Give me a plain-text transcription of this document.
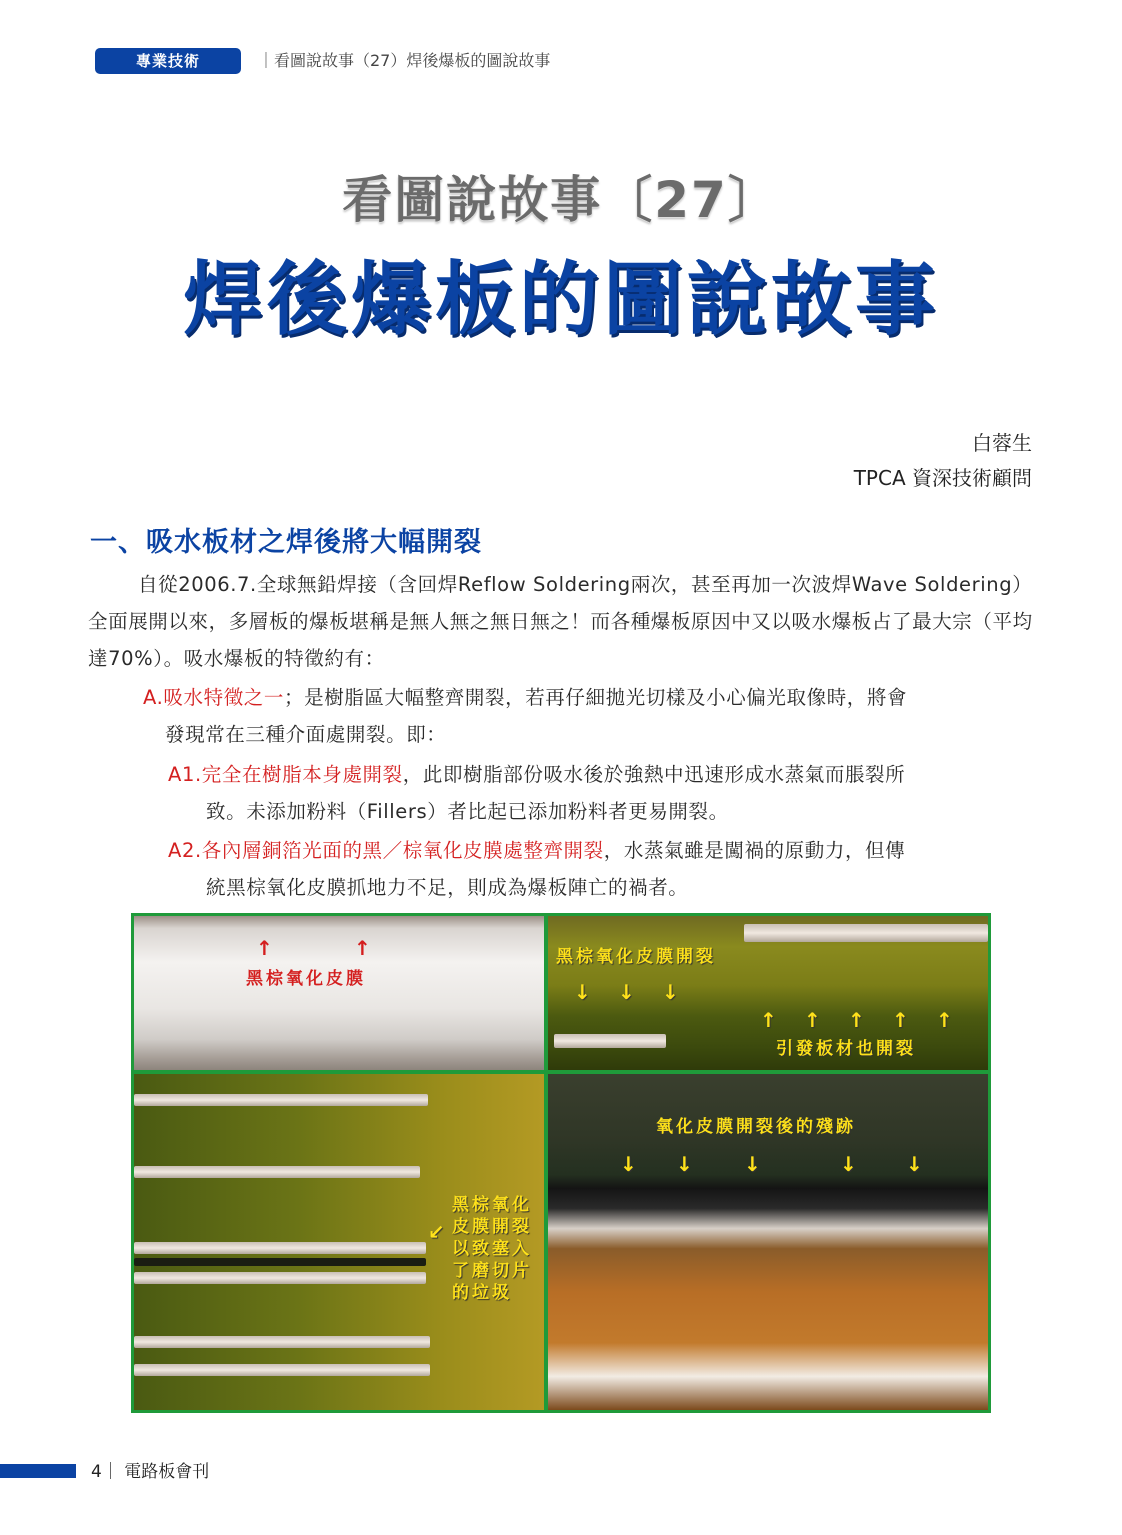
專業技術	｜看圖說故事（27）焊後爆板的圖說故事
看圖說故事〔27〕
焊後爆板的圖說故事
白蓉生
TPCA 資深技術顧問
一、吸水板材之焊後將大幅開裂
自從2006.7.全球無鉛焊接（含回焊Reflow Soldering兩次，甚至再加一次波焊Wave Soldering）全面展開以來，多層板的爆板堪稱是無人無之無日無之！而各種爆板原因中又以吸水爆板占了最大宗（平均達70%）。吸水爆板的特徵約有：
A.吸水特徵之一；是樹脂區大幅整齊開裂，若再仔細拋光切樣及小心偏光取像時，將會
發現常在三種介面處開裂。即：
A1.完全在樹脂本身處開裂，此即樹脂部份吸水後於強熱中迅速形成水蒸氣而脹裂所
致。未添加粉料（Fillers）者比起已添加粉料者更易開裂。
A2.各內層銅箔光面的黑／棕氧化皮膜處整齊開裂，水蒸氣雖是闖禍的原動力，但傳
統黑棕氧化皮膜抓地力不足，則成為爆板陣亡的禍者。
↑	↑
黑棕氧化皮膜
黑棕氧化皮膜開裂
↓ ↓ ↓
↑ ↑ ↑ ↑ ↑
引發板材也開裂
↙
黑棕氧化
皮膜開裂
以致塞入
了磨切片
的垃圾
氧化皮膜開裂後的殘跡
↓ ↓	↓	↓ ↓
4｜ 電路板會刊
